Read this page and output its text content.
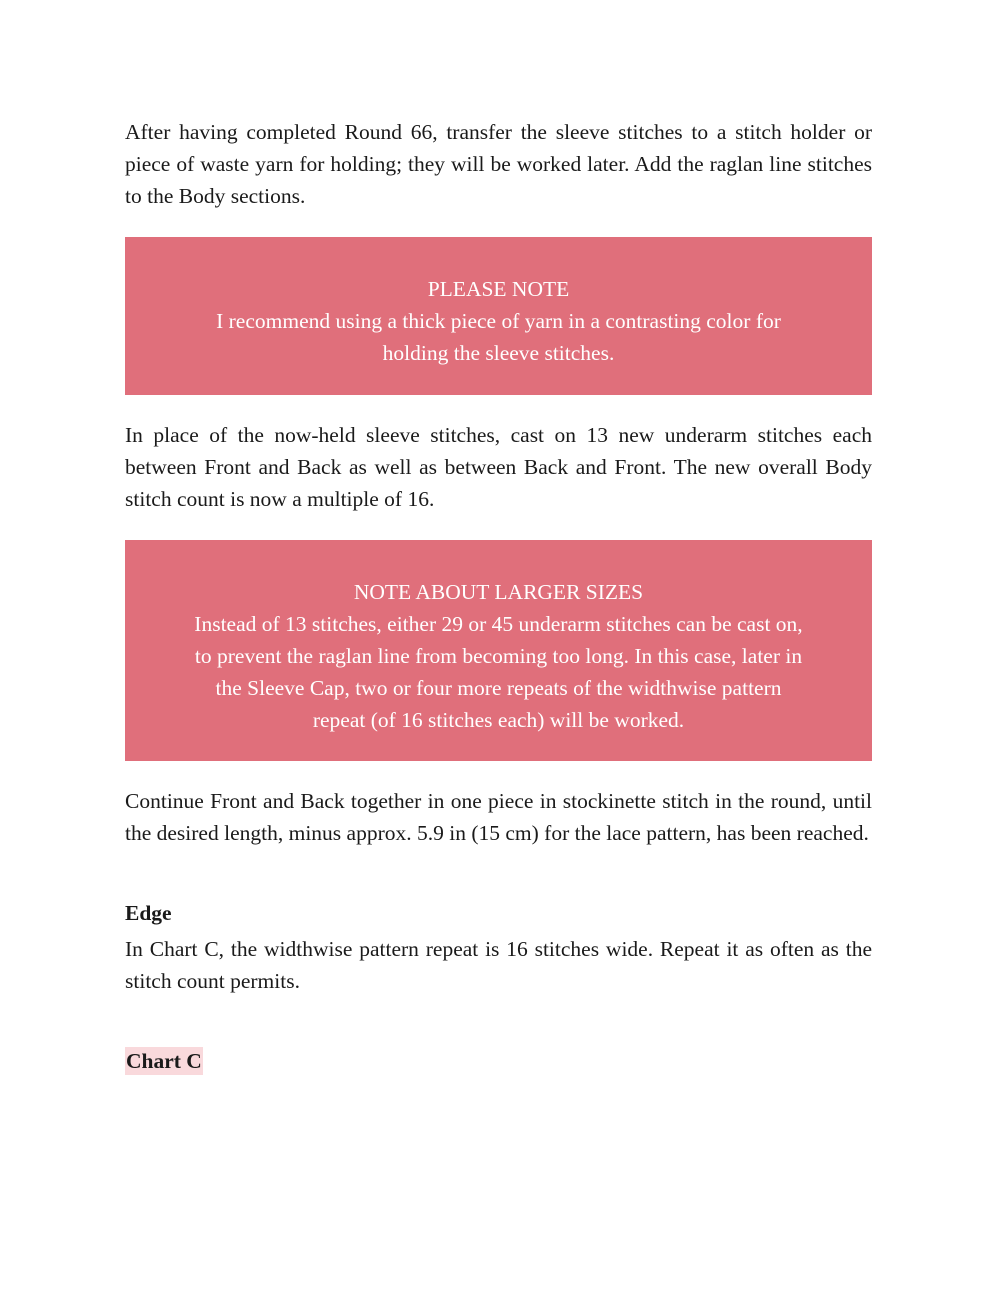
After having completed Round 66, transfer the sleeve stitches to a stitch holder or piece of waste yarn for holding; they will be worked later. Add the raglan line stitches to the Body sections.

PLEASE NOTE
I recommend using a thick piece of yarn in a contrasting color for
holding the sleeve stitches.

In place of the now-held sleeve stitches, cast on 13 new underarm stitches each between Front and Back as well as between Back and Front. The new overall Body stitch count is now a multiple of 16.

NOTE ABOUT LARGER SIZES
Instead of 13 stitches, either 29 or 45 underarm stitches can be cast on,
to prevent the raglan line from becoming too long. In this case, later in
the Sleeve Cap, two or four more repeats of the widthwise pattern
repeat (of 16 stitches each) will be worked.

Continue Front and Back together in one piece in stockinette stitch in the round, until the desired length, minus approx. 5.9 in (15 cm) for the lace pattern, has been reached.

Edge

In Chart C, the widthwise pattern repeat is 16 stitches wide. Repeat it as often as the stitch count permits.

Chart C
